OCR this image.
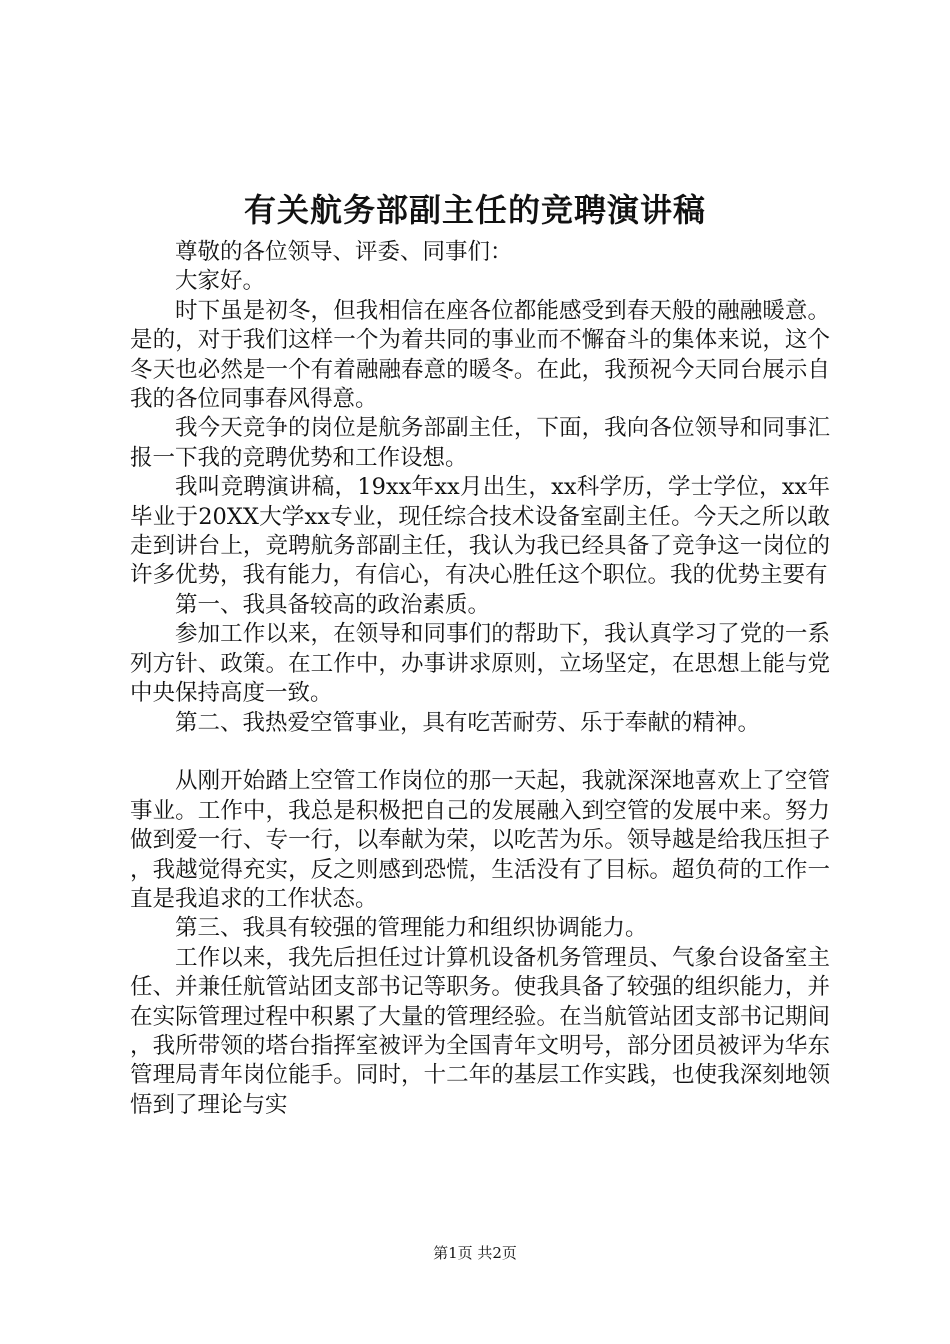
有关航务部副主任的竞聘演讲稿

尊敬的各位领导、评委、同事们：

大家好。

时下虽是初冬，但我相信在座各位都能感受到春天般的融融暖意。是的，对于我们这样一个为着共同的事业而不懈奋斗的集体来说，这个冬天也必然是一个有着融融春意的暖冬。在此，我预祝今天同台展示自我的各位同事春风得意。

我今天竞争的岗位是航务部副主任，下面，我向各位领导和同事汇报一下我的竞聘优势和工作设想。

我叫竞聘演讲稿，19xx年xx月出生，xx科学历，学士学位，xx年毕业于20XX大学xx专业，现任综合技术设备室副主任。今天之所以敢走到讲台上，竞聘航务部副主任，我认为我已经具备了竞争这一岗位的许多优势，我有能力，有信心，有决心胜任这个职位。我的优势主要有

第一、我具备较高的政治素质。

参加工作以来，在领导和同事们的帮助下，我认真学习了党的一系列方针、政策。在工作中，办事讲求原则，立场坚定，在思想上能与党中央保持高度一致。

第二、我热爱空管事业，具有吃苦耐劳、乐于奉献的精神。

从刚开始踏上空管工作岗位的那一天起，我就深深地喜欢上了空管事业。工作中，我总是积极把自己的发展融入到空管的发展中来。努力做到爱一行、专一行，以奉献为荣，以吃苦为乐。领导越是给我压担子，我越觉得充实，反之则感到恐慌，生活没有了目标。超负荷的工作一直是我追求的工作状态。

第三、我具有较强的管理能力和组织协调能力。

工作以来，我先后担任过计算机设备机务管理员、气象台设备室主任、并兼任航管站团支部书记等职务。使我具备了较强的组织能力，并在实际管理过程中积累了大量的管理经验。在当航管站团支部书记期间，我所带领的塔台指挥室被评为全国青年文明号，部分团员被评为华东管理局青年岗位能手。同时，十二年的基层工作实践，也使我深刻地领悟到了理论与实

第1页 共2页
